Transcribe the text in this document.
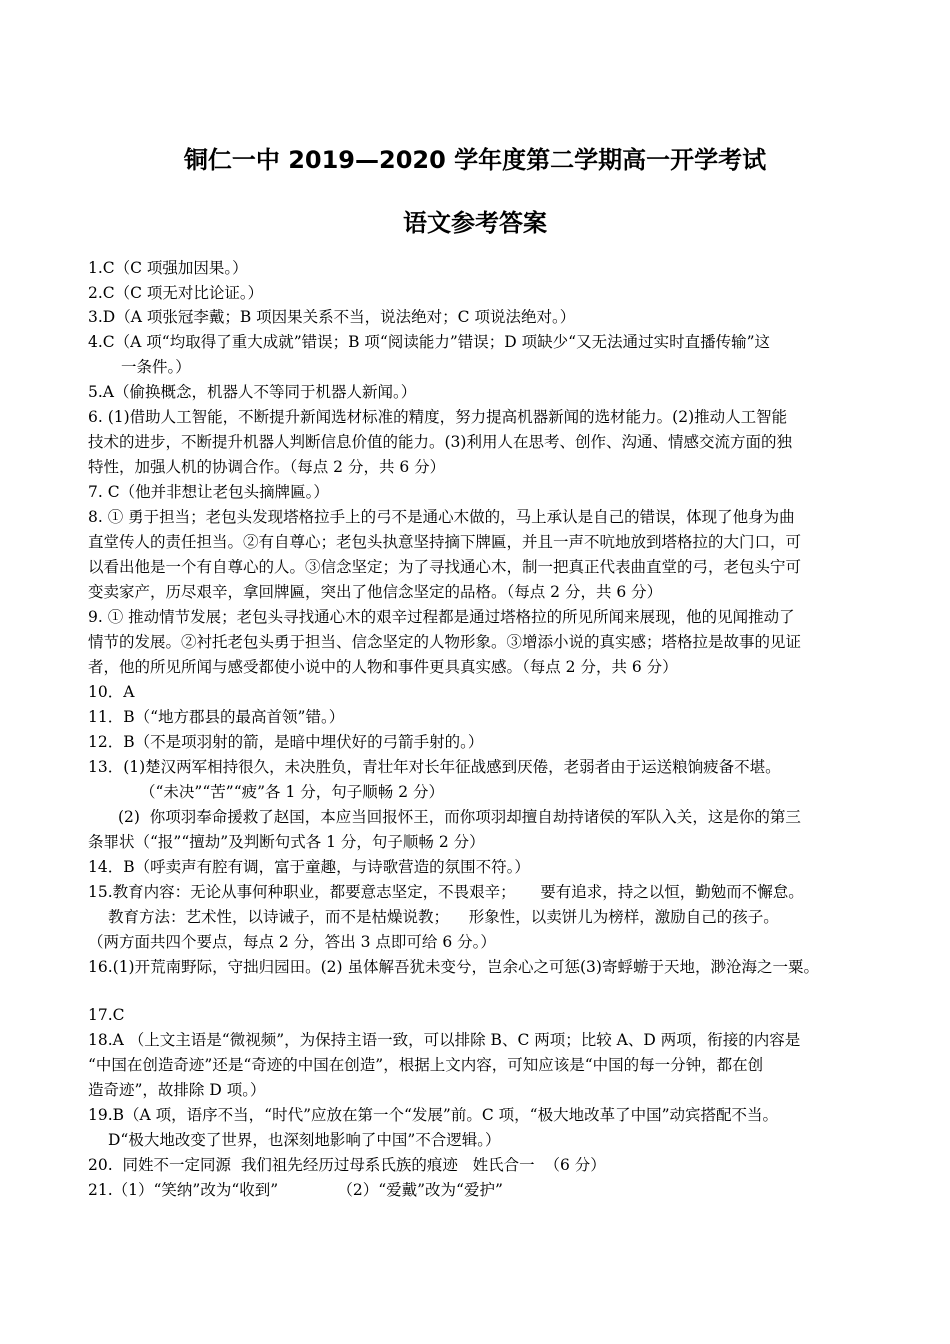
铜仁一中 2019—2020 学年度第二学期高一开学考试
语文参考答案

1.C（C 项强加因果。）

2.C（C 项无对比论证。）

3.D（A 项张冠李戴；B 项因果关系不当，说法绝对；C 项说法绝对。）

4.C（A 项“均取得了重大成就”错误；B 项“阅读能力”错误；D 项缺少“又无法通过实时直播传输”这

一条件。）

5.A（偷换概念，机器人不等同于机器人新闻。）

6. (1)借助人工智能，不断提升新闻选材标准的精度，努力提高机器新闻的选材能力。(2)推动人工智能

技术的进步，不断提升机器人判断信息价值的能力。(3)利用人在思考、创作、沟通、情感交流方面的独

特性，加强人机的协调合作。（每点 2 分，共 6 分）

7. C（他并非想让老包头摘牌匾。）

8. ① 勇于担当；老包头发现塔格拉手上的弓不是通心木做的，马上承认是自己的错误，体现了他身为曲

直堂传人的责任担当。②有自尊心；老包头执意坚持摘下牌匾，并且一声不吭地放到塔格拉的大门口，可

以看出他是一个有自尊心的人。③信念坚定；为了寻找通心木，制一把真正代表曲直堂的弓，老包头宁可

变卖家产，历尽艰辛，拿回牌匾，突出了他信念坚定的品格。（每点 2 分，共 6 分）

9. ① 推动情节发展；老包头寻找通心木的艰辛过程都是通过塔格拉的所见所闻来展现，他的见闻推动了

情节的发展。②衬托老包头勇于担当、信念坚定的人物形象。③增添小说的真实感；塔格拉是故事的见证

者，他的所见所闻与感受都使小说中的人物和事件更具真实感。（每点 2 分，共 6 分）

10．A

11．B（“地方郡县的最高首领”错。）

12．B（不是项羽射的箭，是暗中埋伏好的弓箭手射的。）

13．(1)楚汉两军相持很久，未决胜负，青壮年对长年征战感到厌倦，老弱者由于运送粮饷疲备不堪。

（“未决”“苦”“疲”各 1 分，句子顺畅 2 分）

(2)  你项羽奉命援救了赵国，本应当回报怀王，而你项羽却擅自劫持诸侯的军队入关，这是你的第三

条罪状（“报”“擅劫”及判断句式各 1 分，句子顺畅 2 分）

14．B（呼卖声有腔有调，富于童趣，与诗歌营造的氛围不符。）

15.教育内容：无论从事何种职业，都要意志坚定，不畏艰辛；     要有追求，持之以恒，勤勉而不懈怠。

教育方法：艺术性，以诗诫子，而不是枯燥说教；    形象性，以卖饼儿为榜样，激励自己的孩子。

（两方面共四个要点，每点 2 分，答出 3 点即可给 6 分。）

16.(1)开荒南野际，守拙归园田。(2) 虽体解吾犹未变兮，岂余心之可惩(3)寄蜉蝣于天地，渺沧海之一粟。

17.C

18.A （上文主语是“微视频”，为保持主语一致，可以排除 B、C 两项；比较 A、D 两项，衔接的内容是

“中国在创造奇迹”还是“奇迹的中国在创造”，根据上文内容，可知应该是“中国的每一分钟，都在创

造奇迹”，故排除 D 项。）

19.B（A 项，语序不当，“时代”应放在第一个“发展”前。C 项，“极大地改革了中国”动宾搭配不当。

D“极大地改变了世界，也深刻地影响了中国”不合逻辑。）

20.  同姓不一定同源  我们祖先经历过母系氏族的痕迹   姓氏合一  （6 分）

21.（1）“笑纳”改为“收到”            （2）“爱戴”改为“爱护”
